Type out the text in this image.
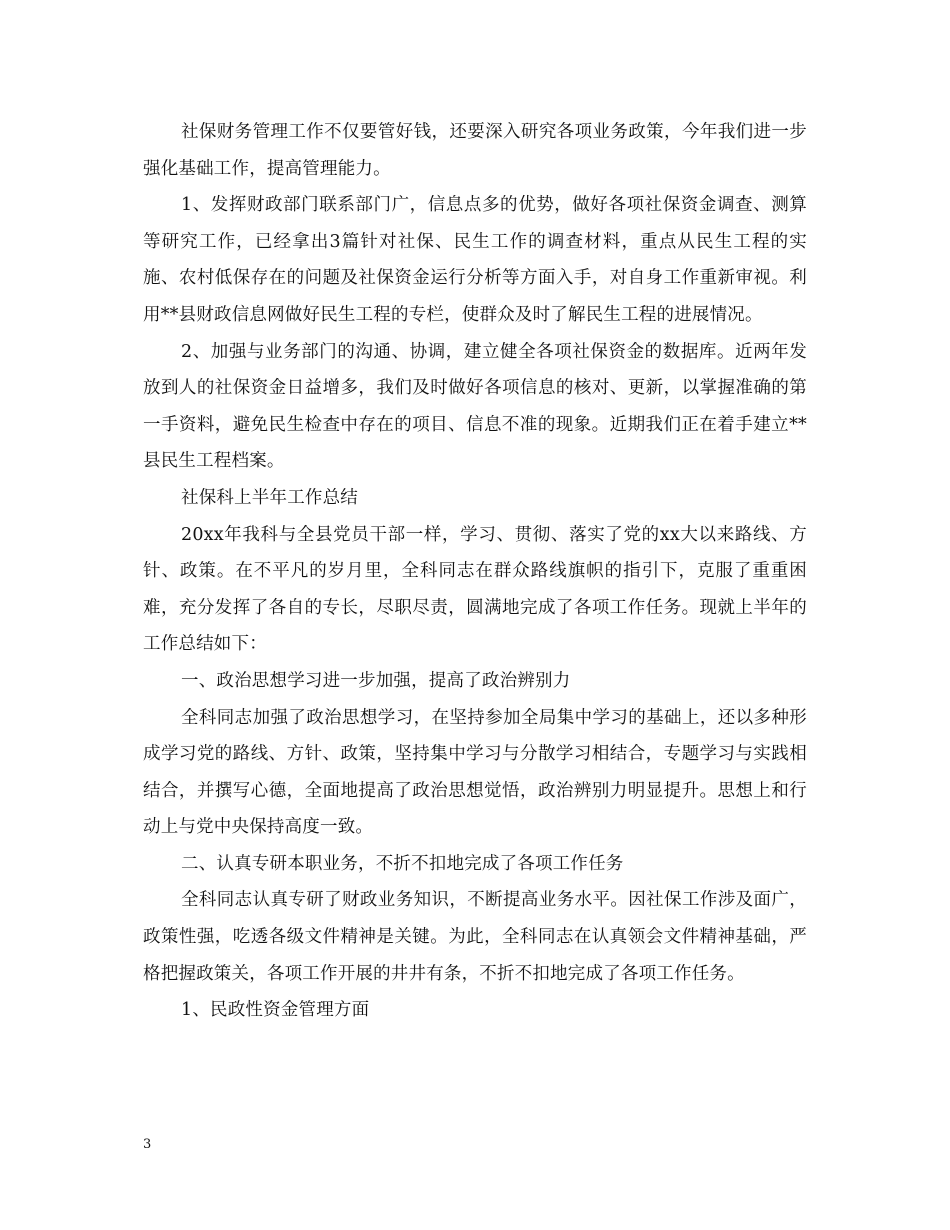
社保财务管理工作不仅要管好钱，还要深入研究各项业务政策，今年我们进一步强化基础工作，提高管理能力。

1、发挥财政部门联系部门广，信息点多的优势，做好各项社保资金调查、测算等研究工作，已经拿出3篇针对社保、民生工作的调查材料，重点从民生工程的实施、农村低保存在的问题及社保资金运行分析等方面入手，对自身工作重新审视。利用**县财政信息网做好民生工程的专栏，使群众及时了解民生工程的进展情况。

2、加强与业务部门的沟通、协调，建立健全各项社保资金的数据库。近两年发放到人的社保资金日益增多，我们及时做好各项信息的核对、更新，以掌握准确的第一手资料，避免民生检查中存在的项目、信息不准的现象。近期我们正在着手建立**县民生工程档案。

社保科上半年工作总结

20xx年我科与全县党员干部一样，学习、贯彻、落实了党的xx大以来路线、方针、政策。在不平凡的岁月里，全科同志在群众路线旗帜的指引下，克服了重重困难，充分发挥了各自的专长，尽职尽责，圆满地完成了各项工作任务。现就上半年的工作总结如下：

一、政治思想学习进一步加强，提高了政治辨别力

全科同志加强了政治思想学习，在坚持参加全局集中学习的基础上，还以多种形成学习党的路线、方针、政策，坚持集中学习与分散学习相结合，专题学习与实践相结合，并撰写心德，全面地提高了政治思想觉悟，政治辨别力明显提升。思想上和行动上与党中央保持高度一致。

二、认真专研本职业务，不折不扣地完成了各项工作任务

全科同志认真专研了财政业务知识，不断提高业务水平。因社保工作涉及面广，政策性强，吃透各级文件精神是关键。为此，全科同志在认真领会文件精神基础，严格把握政策关，各项工作开展的井井有条，不折不扣地完成了各项工作任务。

1、民政性资金管理方面

3
